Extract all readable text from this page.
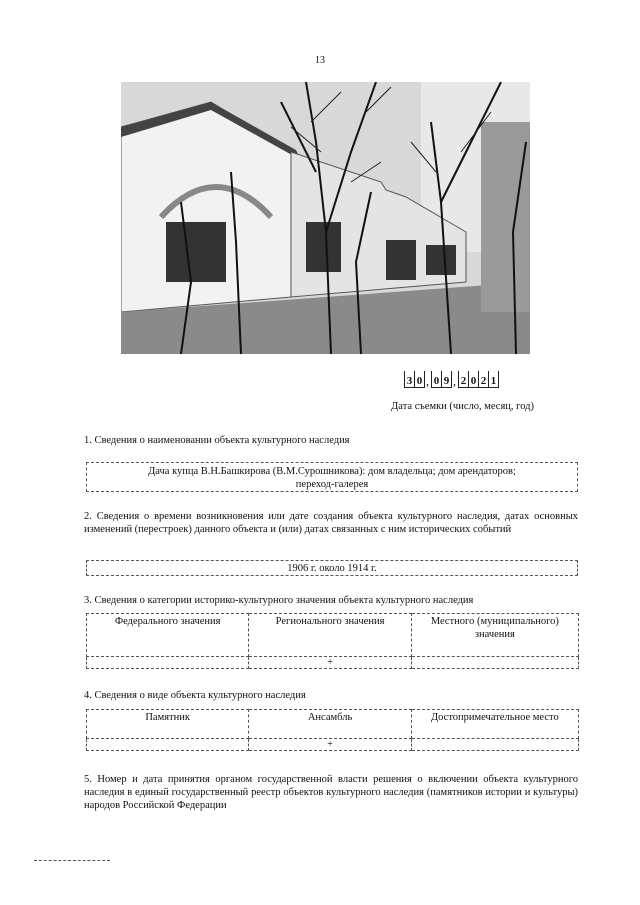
13
3 0 , 0 9 , 2 0 2 1
Дата съемки (число, месяц, год)
1. Сведения о наименовании объекта культурного наследия
Дача купца В.Н.Башкирова (В.М.Сурошникова): дом владельца; дом арендаторов;
переход-галерея
2. Сведения о времени возникновения или дате создания объекта культурного наследия, датах основных изменений (перестроек) данного объекта и (или) датах связанных с ним исторических событий
1906 г. около 1914 г.
3. Сведения о категории историко-культурного значения объекта культурного наследия
Федерального значения	Регионального значения	Местного (муниципального) значения
	+	
4. Сведения о виде объекта культурного наследия
Памятник	Ансамбль	Достопримечательное место
	+	
5. Номер и дата принятия органом государственной власти решения о включении объекта культурного наследия в единый государственный реестр объектов культурного наследия (памятников истории и культуры) народов Российской Федерации
